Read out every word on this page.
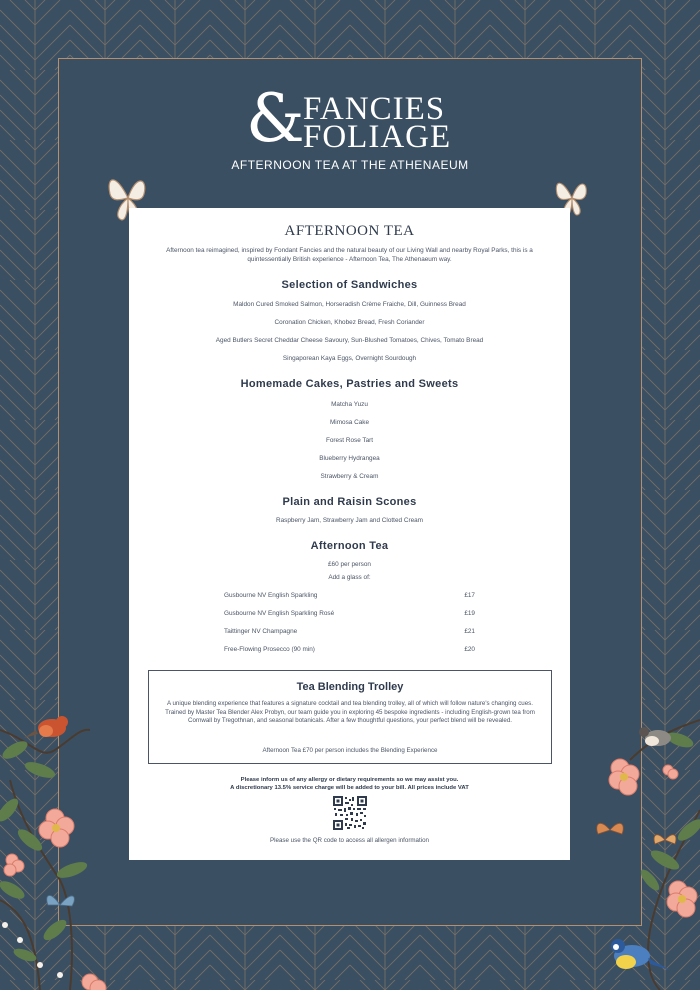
&
FANCIES
FOLIAGE
AFTERNOON TEA AT THE ATHENAEUM
AFTERNOON TEA
Afternoon tea reimagined, inspired by Fondant Fancies and the natural beauty of our Living Wall and nearby Royal Parks, this is a quintessentially British experience - Afternoon Tea, The Athenaeum way.
Selection of Sandwiches
Maldon Cured Smoked Salmon, Horseradish Crème Fraiche, Dill, Guinness Bread
Coronation Chicken, Khobez Bread, Fresh Coriander
Aged Butlers Secret Cheddar Cheese Savoury, Sun-Blushed Tomatoes, Chives, Tomato Bread
Singaporean Kaya Eggs, Overnight Sourdough
Homemade Cakes, Pastries and Sweets
Matcha Yuzu
Mimosa Cake
Forest Rose Tart
Blueberry Hydrangea
Strawberry & Cream
Plain and Raisin Scones
Raspberry Jam, Strawberry Jam and Clotted Cream
Afternoon Tea
£60 per person
Add a glass of:
Gusbourne NV English Sparkling	£17
Gusbourne NV English Sparkling Rosé	£19
Taittinger NV Champagne	£21
Free-Flowing Prosecco (90 min)	£20
Tea Blending Trolley
A unique blending experience that features a signature cocktail and tea blending trolley, all of which will follow nature's changing cues. Trained by Master Tea Blender Alex Probyn, our team guide you in exploring 45 bespoke ingredients - including English-grown tea from Cornwall by Tregothnan, and seasonal botanicals. After a few thoughtful questions, your perfect blend will be revealed.
Afternoon Tea £70 per person includes the Blending Experience
Please inform us of any allergy or dietary requirements so we may assist you.
A discretionary 13.5% service charge will be added to your bill. All prices include VAT
Please use the QR code to access all allergen information
